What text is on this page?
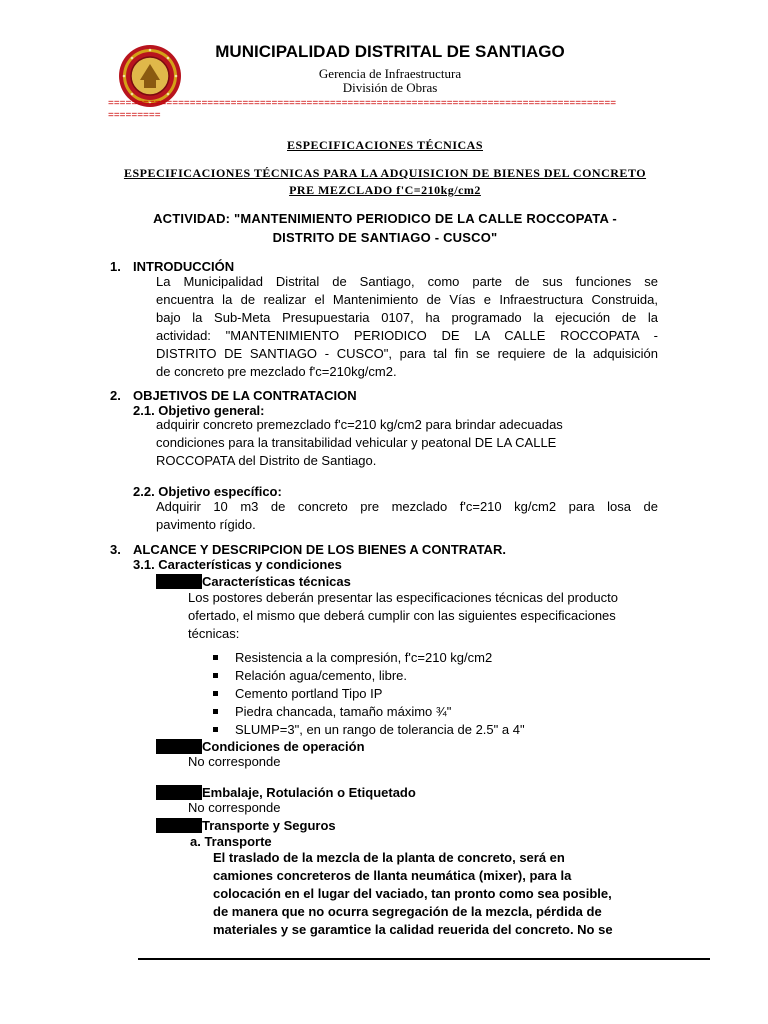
MUNICIPALIDAD DISTRITAL DE SANTIAGO
Gerencia de Infraestructura
División de Obras
=======================================================================================
=========
ESPECIFICACIONES TÉCNICAS
ESPECIFICACIONES TÉCNICAS PARA LA ADQUISICION DE BIENES DEL CONCRETO
PRE MEZCLADO f'C=210kg/cm2
ACTIVIDAD: "MANTENIMIENTO PERIODICO DE LA CALLE ROCCOPATA -
DISTRITO DE SANTIAGO - CUSCO"
1. INTRODUCCIÓN
La Municipalidad Distrital de Santiago, como parte de sus funciones se
encuentra la de realizar el Mantenimiento de Vías e Infraestructura Construida,
bajo la Sub-Meta Presupuestaria 0107, ha programado la ejecución de la
actividad: "MANTENIMIENTO PERIODICO DE LA CALLE ROCCOPATA -
DISTRITO DE SANTIAGO - CUSCO", para tal fin se requiere de la adquisición
de concreto pre mezclado f'c=210kg/cm2.
2. OBJETIVOS DE LA CONTRATACION
2.1. Objetivo general:
adquirir concreto premezclado f'c=210 kg/cm2 para brindar adecuadas
condiciones para la transitabilidad vehicular y peatonal DE LA CALLE
ROCCOPATA del Distrito de Santiago.
2.2. Objetivo específico:
Adquirir 10 m3 de concreto pre mezclado f'c=210 kg/cm2 para losa de
pavimento rígido.
3. ALCANCE Y DESCRIPCION DE LOS BIENES A CONTRATAR.
3.1. Características y condiciones
Características técnicas
Los postores deberán presentar las especificaciones técnicas del producto
ofertado, el mismo que deberá cumplir con las siguientes especificaciones
técnicas:
Resistencia a la compresión, f'c=210 kg/cm2
Relación agua/cemento, libre.
Cemento portland Tipo IP
Piedra chancada, tamaño máximo ¾"
SLUMP=3", en un rango de tolerancia de 2.5" a 4"
Condiciones de operación
No corresponde
Embalaje, Rotulación o Etiquetado
No corresponde
Transporte y Seguros
a. Transporte
El traslado de la mezcla de la planta de concreto, será en
camiones concreteros de llanta neumática (mixer), para la
colocación en el lugar del vaciado, tan pronto como sea posible,
de manera que no ocurra segregación de la mezcla, pérdida de
materiales y se garamtice la calidad reuerida del concreto. No se
